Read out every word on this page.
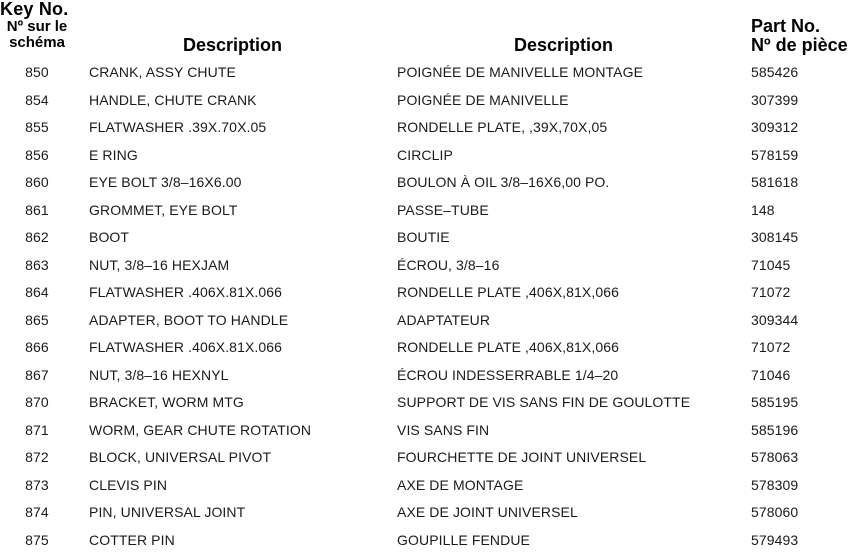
Key No.
Nº sur le
schéma	Description	Description
Part No.
Nº de pièce
850	CRANK, ASSY CHUTE	POIGNÉE DE MANIVELLE MONTAGE	585426
854	HANDLE, CHUTE CRANK	POIGNÉE DE MANIVELLE	307399
855	FLATWASHER .39X.70X.05	RONDELLE PLATE, ,39X,70X,05	309312
856	E RING	CIRCLIP	578159
860	EYE BOLT 3/8–16X6.00	BOULON À OIL 3/8–16X6,00 PO.	581618
861	GROMMET, EYE BOLT	PASSE–TUBE	148
862	BOOT	BOUTIE	308145
863	NUT, 3/8–16 HEXJAM	ÉCROU, 3/8–16	71045
864	FLATWASHER .406X.81X.066	RONDELLE PLATE ,406X,81X,066	71072
865	ADAPTER, BOOT TO HANDLE	ADAPTATEUR	309344
866	FLATWASHER .406X.81X.066	RONDELLE PLATE ,406X,81X,066	71072
867	NUT, 3/8–16 HEXNYL	ÉCROU INDESSERRABLE 1/4–20	71046
870	BRACKET, WORM MTG	SUPPORT DE VIS SANS FIN DE GOULOTTE	585195
871	WORM, GEAR CHUTE ROTATION	VIS SANS FIN	585196
872	BLOCK, UNIVERSAL PIVOT	FOURCHETTE DE JOINT UNIVERSEL	578063
873	CLEVIS PIN	AXE DE MONTAGE	578309
874	PIN, UNIVERSAL JOINT	AXE DE JOINT UNIVERSEL	578060
875	COTTER PIN	GOUPILLE FENDUE	579493
